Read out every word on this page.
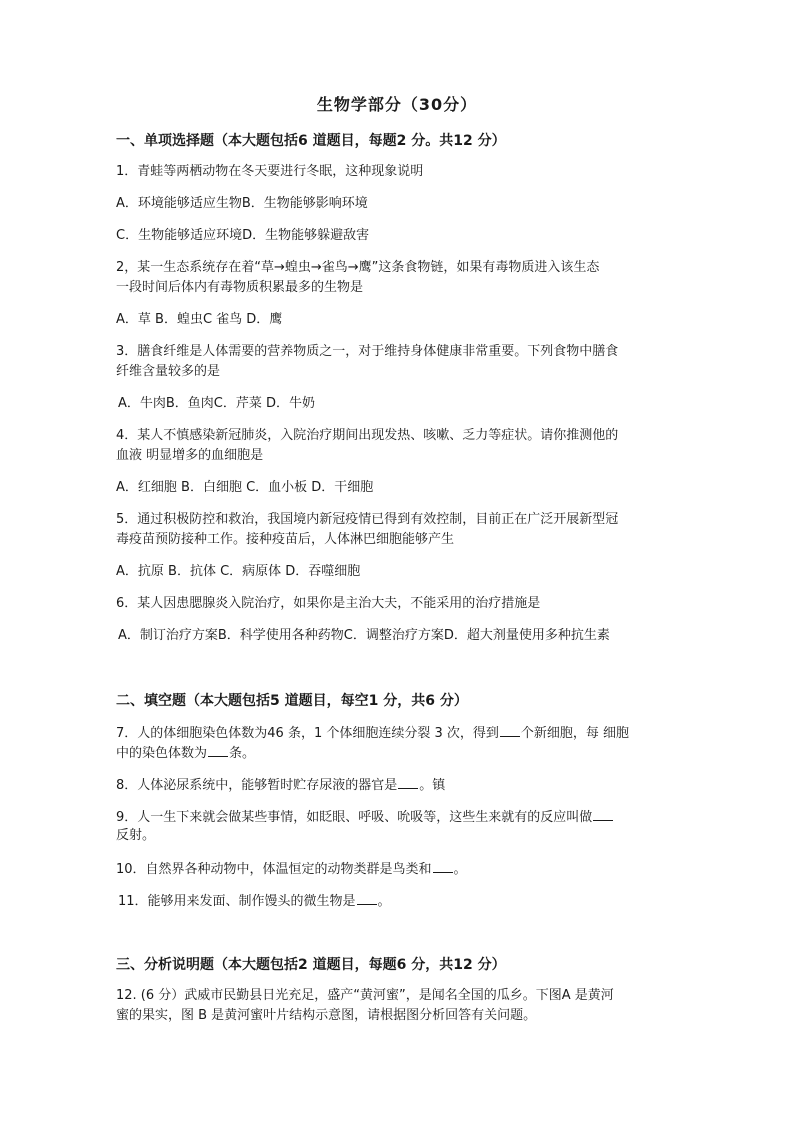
生物学部分（30分）
一、单项选择题（本大题包括6 道题目，每题2 分。共12 分）
1．青蛙等两栖动物在冬天要进行冬眠，这种现象说明
A．环境能够适应生物B．生物能够影响环境
C．生物能够适应环境D．生物能够躲避敌害
2，某一生态系统存在着“草→蝗虫→雀鸟→鹰”这条食物链，如果有毒物质进入该生态
一段时间后体内有毒物质积累最多的生物是
A．草 B．蝗虫C 雀鸟 D．鹰
3．膳食纤维是人体需要的营养物质之一，对于维持身体健康非常重要。下列食物中膳食
纤维含量较多的是
A．牛肉B．鱼肉C．芹菜 D．牛奶
4．某人不慎感染新冠肺炎，入院治疗期间出现发热、咳嗽、乏力等症状。请你推测他的
血液 明显增多的血细胞是
A．红细胞 B．白细胞 C．血小板 D．干细胞
5．通过积极防控和救治，我国境内新冠疫情已得到有效控制，目前正在广泛开展新型冠
毒疫苗预防接种工作。接种疫苗后，人体淋巴细胞能够产生
A．抗原 B．抗体 C．病原体 D．吞噬细胞
6．某人因患腮腺炎入院治疗，如果你是主治大夫，不能采用的治疗措施是
A．制订治疗方案B．科学使用各种药物C．调整治疗方案D．超大剂量使用多种抗生素
二、填空题（本大题包括5 道题目，每空1 分，共6 分）
7．人的体细胞染色体数为46 条，1 个体细胞连续分裂 3 次，得到 个新细胞，每 细胞
中的染色体数为 条。
8．人体泌尿系统中，能够暂时贮存尿液的器官是 。镇
9．人一生下来就会做某些事情，如眨眼、呼吸、吮吸等，这些生来就有的反应叫做
反射。
10．自然界各种动物中，体温恒定的动物类群是鸟类和 。
11．能够用来发面、制作馒头的微生物是 。
三、分析说明题（本大题包括2 道题目，每题6 分，共12 分）
12. (6 分）武威市民勤县日光充足，盛产“黄河蜜”，是闻名全国的瓜乡。下图A 是黄河
蜜的果实，图 B 是黄河蜜叶片结构示意图，请根据图分析回答有关问题。
